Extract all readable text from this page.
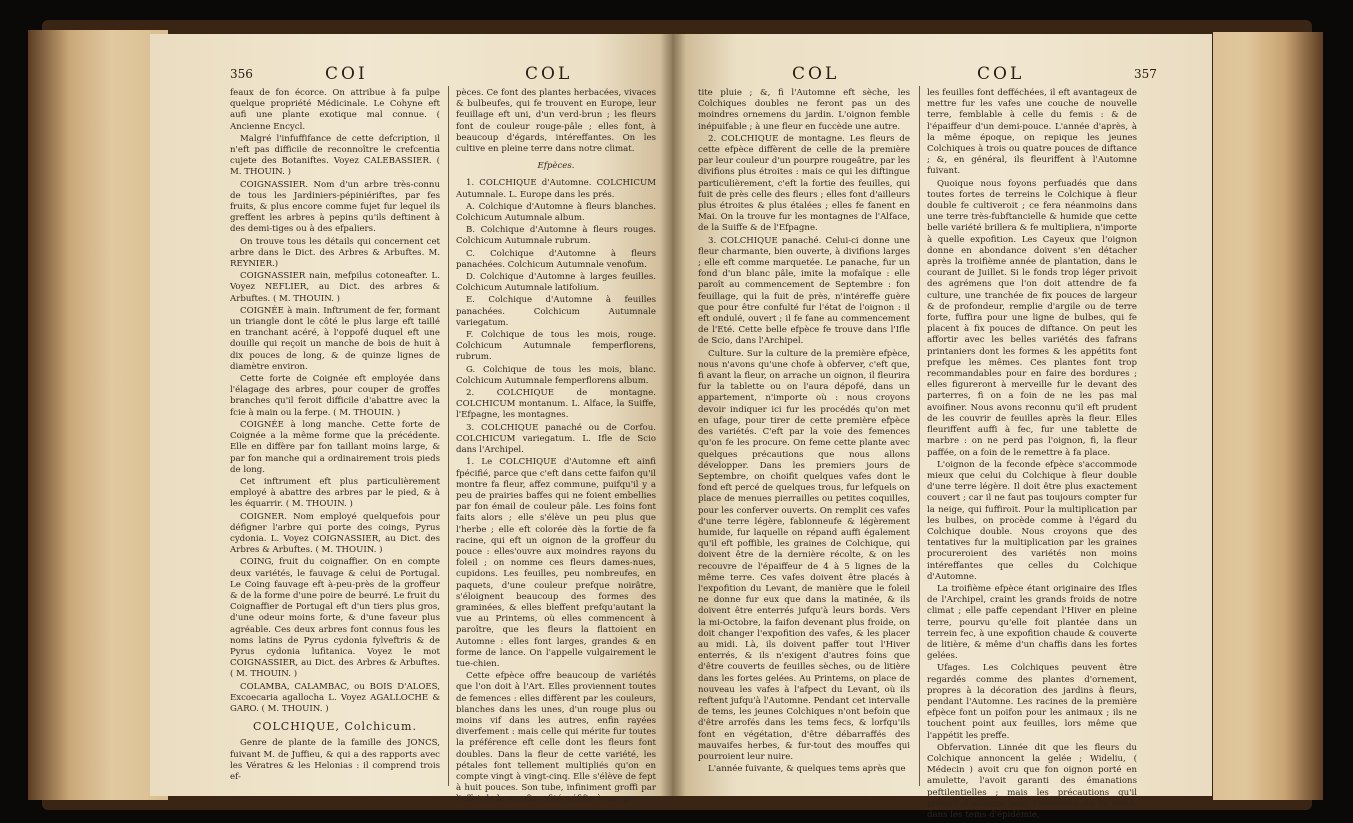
356	COI	COL

feaux de fon écorce. On attribue à fa pulpe quelque propriété Médicinale. Le Cohyne eft aufi une plante exotique mal connue. ( Ancienne Encycl.

Malgré l'infuffifance de cette defcription, il n'eft pas difficile de reconnoître le crefcentia cujete des Botaniftes. Voyez CALEBASSIER. ( M. THOUIN. )

COIGNASSIER. Nom d'un arbre très-connu de tous les Jardiniers-pépiniériftes, par fes fruits, & plus encore comme fujet fur lequel ils greffent les arbres à pepins qu'ils deftinent à des demi-tiges ou à des efpaliers.

On trouve tous les détails qui concernent cet arbre dans le Dict. des Arbres & Arbuftes. M. REYNIER.)

COIGNASSIER nain, mefpilus cotoneafter. L. Voyez NEFLIER, au Dict. des arbres & Arbuftes. ( M. THOUIN. )

COIGNÉE à main. Inftrument de fer, formant un triangle dont le côté le plus large eft taillé en tranchant acéré, à l'oppofé duquel eft une douille qui reçoit un manche de bois de huit à dix pouces de long, & de quinze lignes de diamètre environ.

Cette forte de Coignée eft employée dans l'élagage des arbres, pour couper de groffes branches qu'il feroit difficile d'abattre avec la fcie à main ou la ferpe. ( M. THOUIN. )

COIGNÉE à long manche. Cette forte de Coignée a la même forme que la précédente. Elle en diffère par fon taillant moins large, & par fon manche qui a ordinairement trois pieds de long.

Cet inftrument eft plus particulièrement employé à abattre des arbres par le pied, & à les équarrir. ( M. THOUIN. )

COIGNER. Nom employé quelquefois pour défigner l'arbre qui porte des coings, Pyrus cydonia. L. Voyez COIGNASSIER, au Dict. des Arbres & Arbuftes. ( M. THOUIN. )

COING, fruit du coignaffier. On en compte deux variétés, le fauvage & celui de Portugal. Le Coing fauvage eft à-peu-près de la groffeur & de la forme d'une poire de beurré. Le fruit du Coignaffier de Portugal eft d'un tiers plus gros, d'une odeur moins forte, & d'une faveur plus agréable. Ces deux arbres font connus fous les noms latins de Pyrus cydonia fylveftris & de Pyrus cydonia lufitanica. Voyez le mot COIGNASSIER, au Dict. des Arbres & Arbuftes. ( M. THOUIN. )

COLAMBA, CALAMBAC, ou BOIS D'ALOES, Excoecaria agallocha L. Voyez AGALLOCHE & GARO. ( M. THOUIN. )

COLCHIQUE, Colchicum.

Genre de plante de la famille des JONCS, fuivant M. de Juffieu, & qui a des rapports avec les Vératres & les Helonias : il comprend trois ef-

pèces. Ce font des plantes herbacées, vivaces & bulbeufes, qui fe trouvent en Europe, leur feuillage eft uni, d'un verd-brun ; les fleurs font de couleur rouge-pâle ; elles font, à beaucoup d'égards, intéreffantes. On les cultive en pleine terre dans notre climat.

Efpèces.

1. COLCHIQUE d'Automne. COLCHICUM Autumnale. L. Europe dans les prés.

A. Colchique d'Automne à fleurs blanches. Colchicum Autumnale album.

B. Colchique d'Automne à fleurs rouges. Colchicum Autumnale rubrum.

C. Colchique d'Automne à fleurs panachées. Colchicum Autumnale venofum.

D. Colchique d'Automne à larges feuilles. Colchicum Autumnale latifolium.

E. Colchique d'Automne à feuilles panachées. Colchicum Autumnale variegatum.

F. Colchique de tous les mois, rouge. Colchicum Autumnale femperflorens, rubrum.

G. Colchique de tous les mois, blanc. Colchicum Autumnale femperflorens album.

2. COLCHIQUE de montagne. COLCHICUM montanum. L. Alface, la Suiffe, l'Efpagne, les montagnes.

3. COLCHIQUE panaché ou de Corfou. COLCHICUM variegatum. L. Ifle de Scio dans l'Archipel.

1. Le COLCHIQUE d'Automne eft ainfi fpécifié, parce que c'eft dans cette faifon qu'il montre fa fleur, affez commune, puifqu'il y a peu de prairies baffes qui ne foient embellies par fon émail de couleur pâle. Les foins font faits alors ; elle s'élève un peu plus que l'herbe ; elle eft colorée dès la fortie de fa racine, qui eft un oignon de la groffeur du pouce : elles'ouvre aux moindres rayons du foleil ; on nomme ces fleurs dames-nues, cupidons. Les feuilles, peu nombreufes, en paquets, d'une couleur prefque noirâtre, s'éloignent beaucoup des formes des graminées, & elles bleffent prefqu'autant la vue au Printems, où elles commencent à paroître, que les fleurs la flattoient en Automne : elles font larges, grandes & en forme de lance. On l'appelle vulgairement le tue-chien.

Cette efpèce offre beaucoup de variétés que l'on doit à l'Art. Elles proviennent toutes de femences : elles diffèrent par les couleurs, blanches dans les unes, d'un rouge plus ou moins vif dans les autres, enfin rayées diverfement : mais celle qui mérite fur toutes la préférence eft celle dont les fleurs font doubles. Dans la fleur de cette variété, les pétales font tellement multipliés qu'on en compte vingt à vingt-cinq. Elle s'élève de fept à huit pouces. Son tube, infiniment groffi par l'effet de la monftruofité, réfifte à une pe-

COL	COL	357

tite pluie ; &, fi l'Automne eft sèche, les Colchiques doubles ne feront pas un des moindres ornemens du jardin. L'oignon femble inépuifable ; à une fleur en fuccède une autre.

2. COLCHIQUE de montagne. Les fleurs de cette efpèce diffèrent de celle de la première par leur couleur d'un pourpre rougeâtre, par les divifions plus étroites : mais ce qui les diftingue particulièrement, c'eft la fortie des feuilles, qui fuit de près celle des fleurs ; elles font d'ailleurs plus étroites & plus étalées ; elles fe fanent en Mai. On la trouve fur les montagnes de l'Alface, de la Suiffe & de l'Efpagne.

3. COLCHIQUE panaché. Celui-ci donne une fleur charmante, bien ouverte, à divifions larges ; elle eft comme marquetée. Le panache, fur un fond d'un blanc pâle, imite la mofaïque : elle paroît au commencement de Septembre : fon feuillage, qui la fuit de près, n'intéreffe guère que pour être confulté fur l'état de l'oignon : il eft ondulé, ouvert ; il fe fane au commencement de l'Eté. Cette belle efpèce fe trouve dans l'Ifle de Scio, dans l'Archipel.

Culture. Sur la culture de la première efpèce, nous n'avons qu'une chofe à obferver, c'eft que, fi avant la fleur, on arrache un oignon, il fleurira fur la tablette ou on l'aura dépofé, dans un appartement, n'importe où : nous croyons devoir indiquer ici fur les procédés qu'on met en ufage, pour tirer de cette première efpèce des variétés. C'eft par la voie des femences qu'on fe les procure. On feme cette plante avec quelques précautions que nous allons développer. Dans les premiers jours de Septembre, on choifit quelques vafes dont le fond eft percé de quelques trous, fur lefquels on place de menues pierrailles ou petites coquilles, pour les conferver ouverts. On remplit ces vafes d'une terre légère, fablonneufe & légèrement humide, fur laquelle on répand auffi également qu'il eft poffible, les graines de Colchique, qui doivent être de la dernière récolte, & on les recouvre de l'épaiffeur de 4 à 5 lignes de la même terre. Ces vafes doivent être placés à l'expofition du Levant, de manière que le foleil ne donne fur eux que dans la matinée, & ils doivent être enterrés jufqu'à leurs bords. Vers la mi-Octobre, la faifon devenant plus froide, on doit changer l'expofition des vafes, & les placer au midi. Là, ils doivent paffer tout l'Hiver enterrés, & ils n'exigent d'autres foins que d'être couverts de feuilles sèches, ou de litière dans les fortes gelées. Au Printems, on place de nouveau les vafes à l'afpect du Levant, où ils reftent jufqu'à l'Automne. Pendant cet intervalle de tems, les jeunes Colchiques n'ont befoin que d'être arrofés dans les tems fecs, & lorfqu'ils font en végétation, d'être débarraffés des mauvaifes herbes, & fur-tout des mouffes qui pourroient leur nuire.

L'année fuivante, & quelques tems après que

les feuilles font defféchées, il eft avantageux de mettre fur les vafes une couche de nouvelle terre, femblable à celle du femis : & de l'épaiffeur d'un demi-pouce. L'année d'après, à la même époque, on repique les jeunes Colchiques à trois ou quatre pouces de diftance ; &, en général, ils fleuriffent à l'Automne fuivant.

Quoique nous foyons perfuadés que dans toutes fortes de terreins le Colchique à fleur double fe cultiveroit ; ce fera néanmoins dans une terre très-fubftancielle & humide que cette belle variété brillera & fe multipliera, n'importe à quelle expofition. Les Cayeux que l'oignon donne en abondance doivent s'en détacher après la troifième année de plantation, dans le courant de Juillet. Si le fonds trop léger privoit des agrémens que l'on doit attendre de fa culture, une tranchée de fix pouces de largeur & de profondeur, remplie d'argile ou de terre forte, fuffira pour une ligne de bulbes, qui fe placent à fix pouces de diftance. On peut les affortir avec les belles variétés des fafrans printaniers dont les formes & les appétits font prefque les mêmes. Ces plantes font trop recommandables pour en faire des bordures ; elles figureront à merveille fur le devant des parterres, fi on a foin de ne les pas mal avoifiner. Nous avons reconnu qu'il eft prudent de les couvrir de feuilles après la fleur. Elles fleuriffent auffi à fec, fur une tablette de marbre : on ne perd pas l'oignon, fi, la fleur paffée, on a foin de le remettre à fa place.

L'oignon de la feconde efpèce s'accommode mieux que celui du Colchique à fleur double d'une terre légère. Il doit être plus exactement couvert ; car il ne faut pas toujours compter fur la neige, qui fuffiroit. Pour la multiplication par les bulbes, on procède comme à l'égard du Colchique double. Nous croyons que des tentatives fur la multiplication par les graines procureroient des variétés non moins intéreffantes que celles du Colchique d'Automne.

La troifième efpèce étant originaire des Ifles de l'Archipel, craint les grands froids de notre climat ; elle paffe cependant l'Hiver en pleine terre, pourvu qu'elle foit plantée dans un terrein fec, à une expofition chaude & couverte de litière, & même d'un chaffis dans les fortes gelées.

Ufages. Les Colchiques peuvent être regardés comme des plantes d'ornement, propres à la décoration des jardins à fleurs, pendant l'Automne. Les racines de la première efpèce font un poifon pour les animaux ; ils ne touchent point aux feuilles, lors même que l'appétit les preffe.

Obfervation. Linnée dit que les fleurs du Colchique annoncent la gelée ; Wideliu, ( Médecin ) avoit cru que fon oignon porté en amulette, l'avoit garanti des émanations peftilentielles ; mais les précautions qu'il prenoit d'ailleurs pour l'entretien de fa fanté, dans les tems d'épidémie,
